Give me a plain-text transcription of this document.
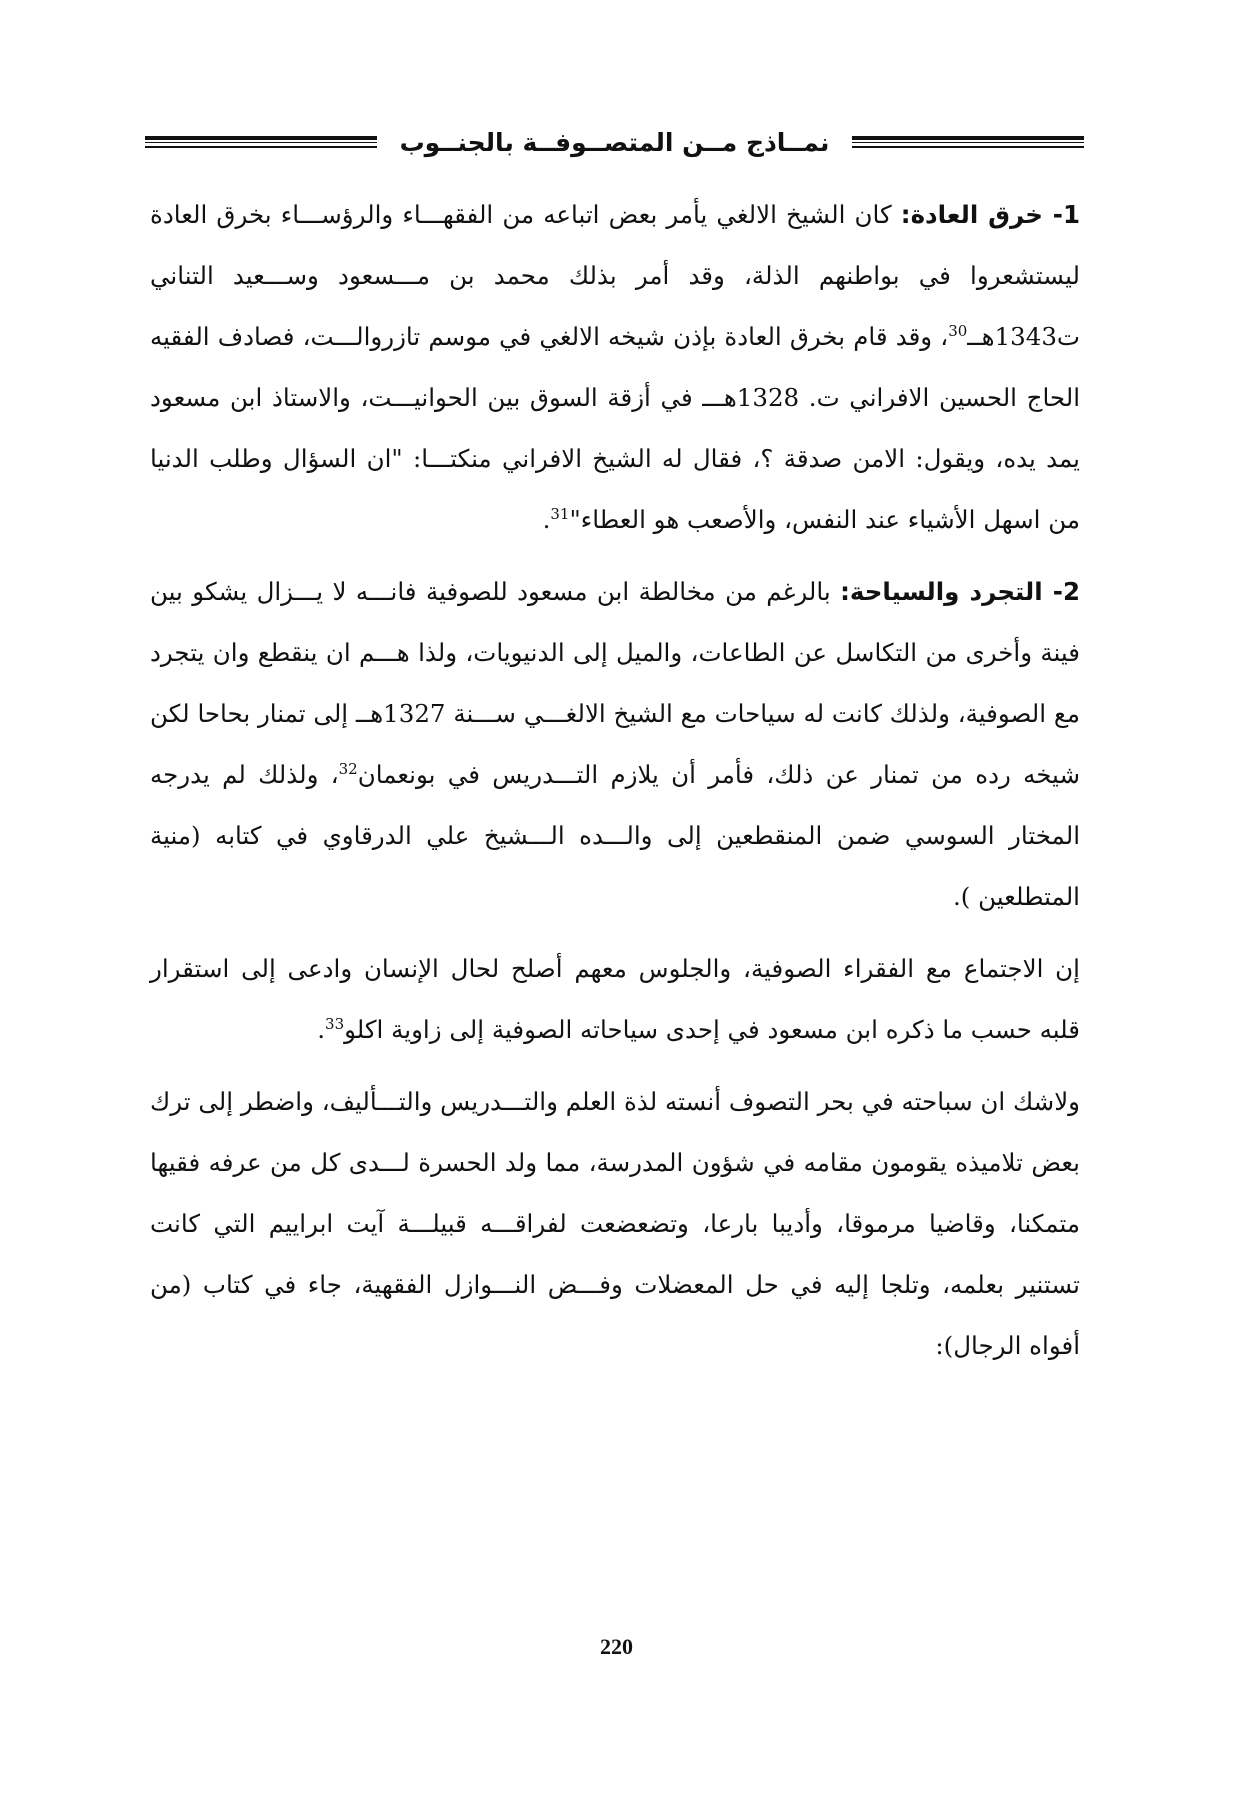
نمــاذج مــن المتصــوفــة بالجنــوب

1- خرق العادة: كان الشيخ الالغي يأمر بعض اتباعه من الفقهـــاء والرؤســـاء بخرق العادة ليستشعروا في بواطنهم الذلة، وقد أمر بذلك محمد بن مـــسعود وســـعيد التناني ت1343هــ$^{30}$، وقد قام بخرق العادة بإذن شيخه الالغي في موسم تازروالـــت، فصادف الفقيه الحاج الحسين الافراني ت. 1328هـــ في أزقة السوق بين الحوانيـــت، والاستاذ ابن مسعود يمد يده، ويقول: الامن صدقة ؟، فقال له الشيخ الافراني منكتـــا: "ان السؤال وطلب الدنيا من اسهل الأشياء عند النفس، والأصعب هو العطاء"$^{31}$.

2- التجرد والسياحة: بالرغم من مخالطة ابن مسعود للصوفية فانـــه لا يـــزال يشكو بين فينة وأخرى من التكاسل عن الطاعات، والميل إلى الدنيويات، ولذا هـــم ان ينقطع وان يتجرد مع الصوفية، ولذلك كانت له سياحات مع الشيخ الالغـــي ســـنة 1327هــ إلى تمنار بحاحا لكن شيخه رده من تمنار عن ذلك، فأمر أن يلازم التـــدريس في بونعمان$^{32}$، ولذلك لم يدرجه المختار السوسي ضمن المنقطعين إلى والـــده الـــشيخ علي الدرقاوي في كتابه (منية المتطلعين ).

إن الاجتماع مع الفقراء الصوفية، والجلوس معهم أصلح لحال الإنسان وادعى إلى استقرار قلبه حسب ما ذكره ابن مسعود في إحدى سياحاته الصوفية إلى زاوية اكلو$^{33}$.

ولاشك ان سباحته في بحر التصوف أنسته لذة العلم والتـــدريس والتـــأليف، واضطر إلى ترك بعض تلاميذه يقومون مقامه في شؤون المدرسة، مما ولد الحسرة لـــدى كل من عرفه فقيها متمكنا، وقاضيا مرموقا، وأديبا بارعا، وتضعضعت لفراقـــه قبيلـــة آيت ابراييم التي كانت تستنير بعلمه، وتلجا إليه في حل المعضلات وفـــض النـــوازل الفقهية، جاء في كتاب (من أفواه الرجال):

220
